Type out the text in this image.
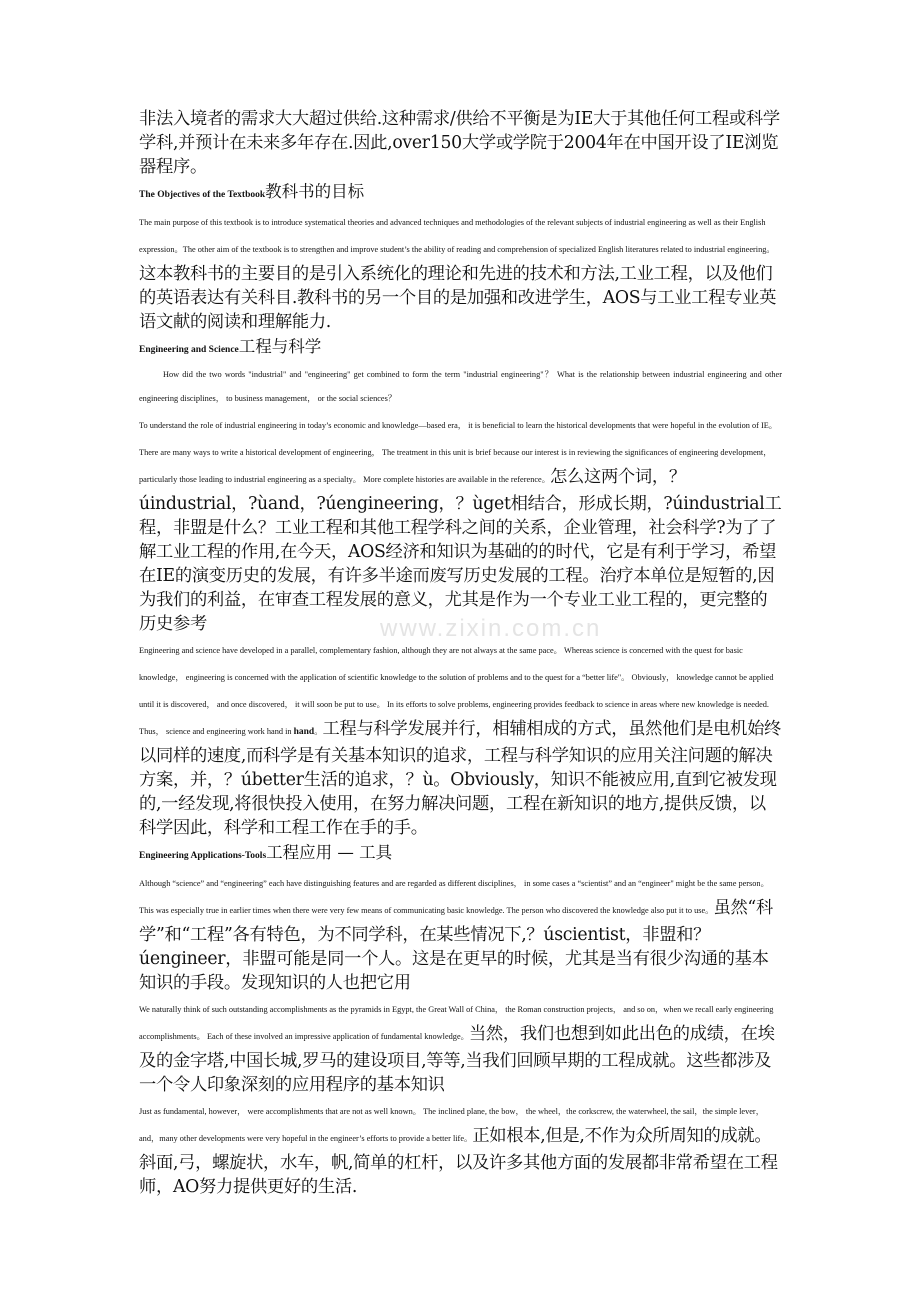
www.zixin.com.cn

非法入境者的需求大大超过供给.这种需求/供给不平衡是为IE大于其他任何工程或科学学科,并预计在未来多年存在.因此,over150大学或学院于2004年在中国开设了IE浏览器程序。

The Objectives of the Textbook教科书的目标

The main purpose of this textbook is to introduce systematical theories and advanced techniques and methodologies of the relevant subjects of industrial engineering as well as their English expression。The other aim of the textbook is to strengthen and improve student’s the ability of reading and comprehension of specialized English literatures related to industrial engineering。这本教科书的主要目的是引入系统化的理论和先进的技术和方法,工业工程，以及他们的英语表达有关科目.教科书的另一个目的是加强和改进学生，AOS与工业工程专业英语文献的阅读和理解能力.

Engineering and Science工程与科学

How did the two words "industrial" and "engineering" get combined to form the term "industrial engineering"？ What is the relationship between industrial engineering and other engineering disciplines， to business management， or the social sciences？

To understand the role of industrial engineering in today’s economic and knowledge—based era， it is beneficial to learn the historical developments that were hopeful in the evolution of IE。 There are many ways to write a historical development of engineering， The treatment in this unit is brief because our interest is in reviewing the significances of engineering development， particularly those leading to industrial engineering as a specialty。 More complete histories are available in the reference。怎么这两个词，？úindustrial，?ùand，?úengineering，？ùget相结合，形成长期，?úindustrial工程，非盟是什么？工业工程和其他工程学科之间的关系，企业管理，社会科学?为了了解工业工程的作用,在今天，AOS经济和知识为基础的的时代，它是有利于学习，希望在IE的演变历史的发展，有许多半途而废写历史发展的工程。治疗本单位是短暂的,因为我们的利益，在审查工程发展的意义，尤其是作为一个专业工业工程的，更完整的历史参考

Engineering and science have developed in a parallel, complementary fashion, although they are not always at the same pace。 Whereas science is concerned with the quest for basic knowledge， engineering is concerned with the application of scientific knowledge to the solution of problems and to the quest for a “better life"。 Obviously， knowledge cannot be applied until it is discovered， and once discovered， it will soon be put to use。 In its efforts to solve problems, engineering provides feedback to science in areas where new knowledge is needed. Thus， science and engineering work hand in hand。工程与科学发展并行，相辅相成的方式，虽然他们是电机始终以同样的速度,而科学是有关基本知识的追求，工程与科学知识的应用关注问题的解决方案，并，？úbetter生活的追求，？ù。Obviously，知识不能被应用,直到它被发现的,一经发现,将很快投入使用，在努力解决问题，工程在新知识的地方,提供反馈，以科学因此，科学和工程工作在手的手。

Engineering Applications-Tools工程应用 — 工具

Although “science” and “engineering” each have distinguishing features and are regarded as different disciplines， in some cases a “scientist” and an “engineer" might be the same person。 This was especially true in earlier times when there were very few means of communicating basic knowledge. The person who discovered the knowledge also put it to use。虽然“科学”和“工程”各有特色，为不同学科，在某些情况下,？úscientist，非盟和？úengineer，非盟可能是同一个人。这是在更早的时候，尤其是当有很少沟通的基本知识的手段。发现知识的人也把它用

We naturally think of such outstanding accomplishments as the pyramids in Egypt, the Great Wall of China， the Roman construction projects， and so on，when we recall early engineering accomplishments。 Each of these involved an impressive application of fundamental knowledge。当然，我们也想到如此出色的成绩，在埃及的金字塔,中国长城,罗马的建设项目,等等,当我们回顾早期的工程成就。这些都涉及一个令人印象深刻的应用程序的基本知识

Just as fundamental, however， were accomplishments that are not as well known。 The inclined plane, the bow， the wheel，the corkscrew, the waterwheel, the sail，the simple lever， and，many other developments were very hopeful in the engineer’s efforts to provide a better life。正如根本,但是,不作为众所周知的成就。斜面,弓，螺旋状，水车，帆,简单的杠杆，以及许多其他方面的发展都非常希望在工程师，AO努力提供更好的生活.
